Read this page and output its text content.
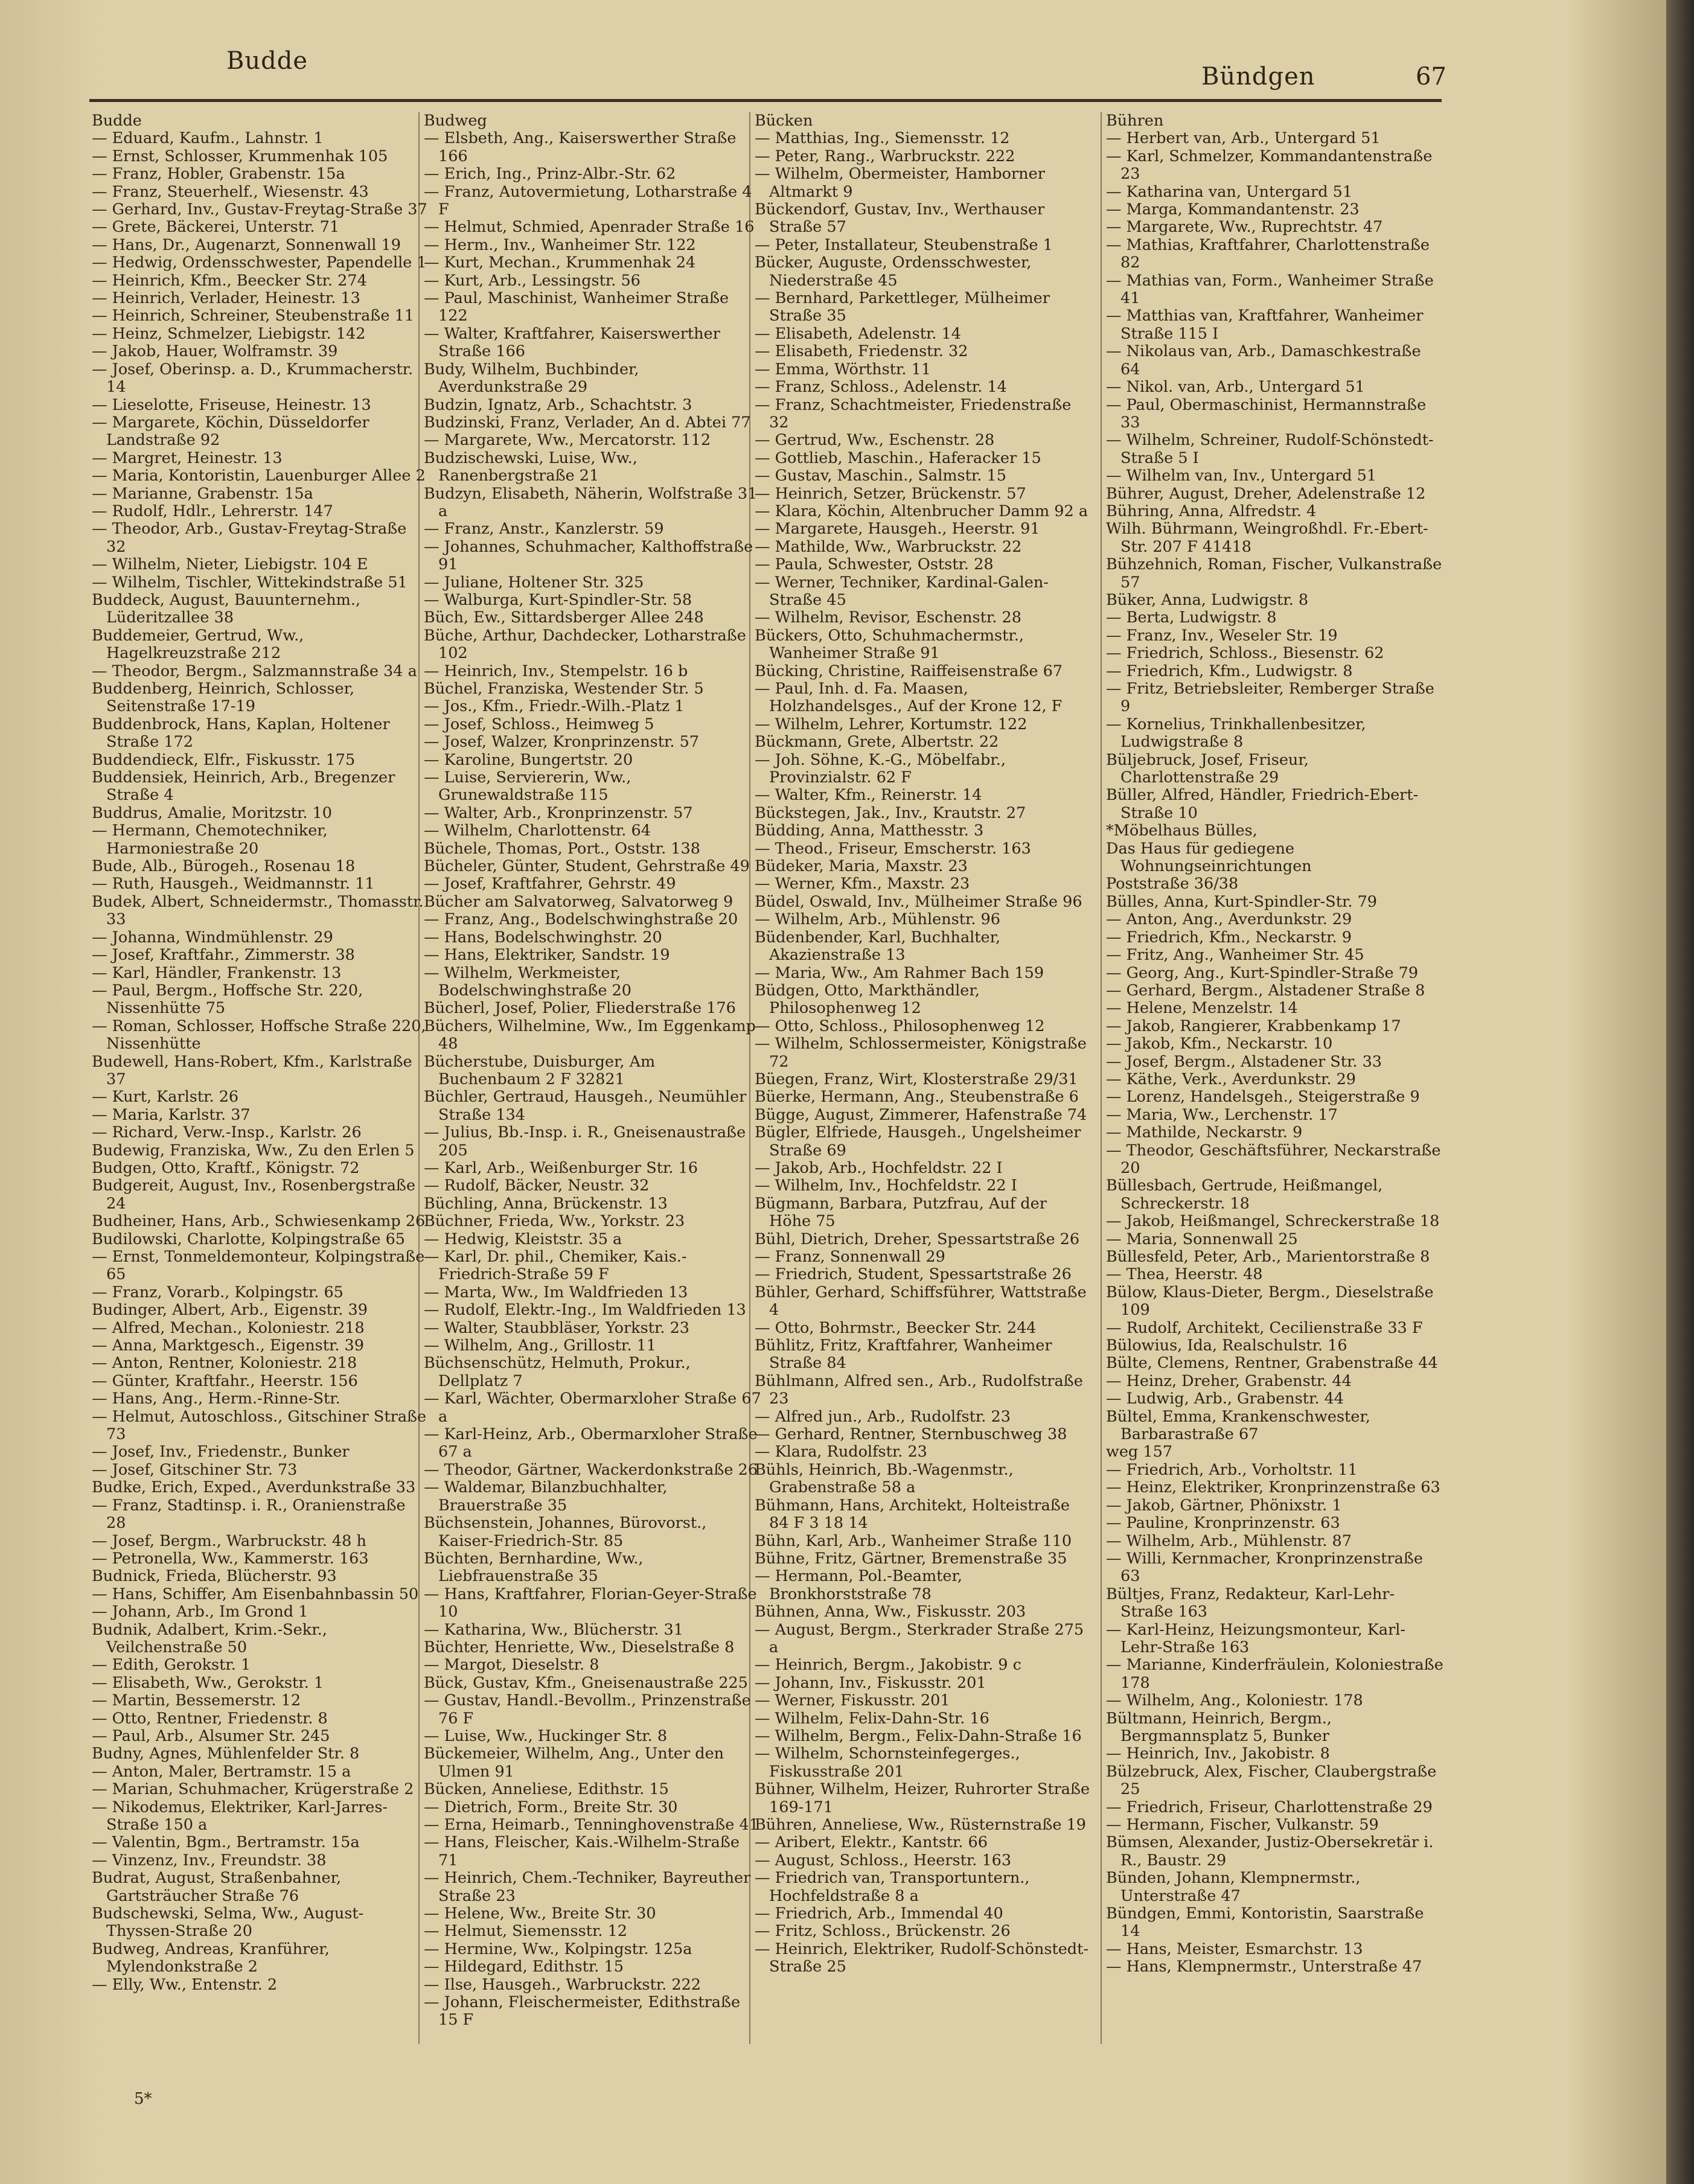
Budde
Bündgen	67
Budde
— Eduard, Kaufm., Lahnstr. 1
— Ernst, Schlosser, Krummenhak 105
— Franz, Hobler, Grabenstr. 15a
— Franz, Steuerhelf., Wiesenstr. 43
— Gerhard, Inv., Gustav-Freytag-Straße 37
— Grete, Bäckerei, Unterstr. 71
— Hans, Dr., Augenarzt, Sonnenwall 19
— Hedwig, Ordensschwester, Papendelle 1
— Heinrich, Kfm., Beecker Str. 274
— Heinrich, Verlader, Heinestr. 13
— Heinrich, Schreiner, Steubenstraße 11
— Heinz, Schmelzer, Liebigstr. 142
— Jakob, Hauer, Wolframstr. 39
— Josef, Oberinsp. a. D., Krummacherstr. 14
— Lieselotte, Friseuse, Heinestr. 13
— Margarete, Köchin, Düsseldorfer Landstraße 92
— Margret, Heinestr. 13
— Maria, Kontoristin, Lauenburger Allee 2
— Marianne, Grabenstr. 15a
— Rudolf, Hdlr., Lehrerstr. 147
— Theodor, Arb., Gustav-Freytag-Straße 32
— Wilhelm, Nieter, Liebigstr. 104 E
— Wilhelm, Tischler, Wittekindstraße 51
Buddeck, August, Bauunternehm., Lüderitzallee 38
Buddemeier, Gertrud, Ww., Hagelkreuzstraße 212
— Theodor, Bergm., Salzmannstraße 34 a
Buddenberg, Heinrich, Schlosser, Seitenstraße 17-19
Buddenbrock, Hans, Kaplan, Holtener Straße 172
Buddendieck, Elfr., Fiskusstr. 175
Buddensiek, Heinrich, Arb., Bregenzer Straße 4
Buddrus, Amalie, Moritzstr. 10
— Hermann, Chemotechniker, Harmoniestraße 20
Bude, Alb., Bürogeh., Rosenau 18
— Ruth, Hausgeh., Weidmannstr. 11
Budek, Albert, Schneidermstr., Thomasstr. 33
— Johanna, Windmühlenstr. 29
— Josef, Kraftfahr., Zimmerstr. 38
— Karl, Händler, Frankenstr. 13
— Paul, Bergm., Hoffsche Str. 220, Nissenhütte 75
— Roman, Schlosser, Hoffsche Straße 220, Nissenhütte
Budewell, Hans-Robert, Kfm., Karlstraße 37
— Kurt, Karlstr. 26
— Maria, Karlstr. 37
— Richard, Verw.-Insp., Karlstr. 26
Budewig, Franziska, Ww., Zu den Erlen 5
Budgen, Otto, Kraftf., Königstr. 72
Budgereit, August, Inv., Rosenbergstraße 24
Budheiner, Hans, Arb., Schwiesenkamp 26
Budilowski, Charlotte, Kolpingstraße 65
— Ernst, Tonmeldemonteur, Kolpingstraße 65
— Franz, Vorarb., Kolpingstr. 65
Budinger, Albert, Arb., Eigenstr. 39
— Alfred, Mechan., Koloniestr. 218
— Anna, Marktgesch., Eigenstr. 39
— Anton, Rentner, Koloniestr. 218
— Günter, Kraftfahr., Heerstr. 156
— Hans, Ang., Herm.-Rinne-Str.
— Helmut, Autoschloss., Gitschiner Straße 73
— Josef, Inv., Friedenstr., Bunker
— Josef, Gitschiner Str. 73
Budke, Erich, Exped., Averdunkstraße 33
— Franz, Stadtinsp. i. R., Oranienstraße 28
— Josef, Bergm., Warbruckstr. 48 h
— Petronella, Ww., Kammerstr. 163
Budnick, Frieda, Blücherstr. 93
— Hans, Schiffer, Am Eisenbahnbassin 50
— Johann, Arb., Im Grond 1
Budnik, Adalbert, Krim.-Sekr., Veilchenstraße 50
— Edith, Gerokstr. 1
— Elisabeth, Ww., Gerokstr. 1
— Martin, Bessemerstr. 12
— Otto, Rentner, Friedenstr. 8
— Paul, Arb., Alsumer Str. 245
Budny, Agnes, Mühlenfelder Str. 8
— Anton, Maler, Bertramstr. 15 a
— Marian, Schuhmacher, Krügerstraße 2
— Nikodemus, Elektriker, Karl-Jarres-Straße 150 a
— Valentin, Bgm., Bertramstr. 15a
— Vinzenz, Inv., Freundstr. 38
Budrat, August, Straßenbahner, Gartsträucher Straße 76
Budschewski, Selma, Ww., August-Thyssen-Straße 20
Budweg, Andreas, Kranführer, Mylendonkstraße 2
— Elly, Ww., Entenstr. 2
Budweg
— Elsbeth, Ang., Kaiserswerther Straße 166
— Erich, Ing., Prinz-Albr.-Str. 62
— Franz, Autovermietung, Lotharstraße 4 F
— Helmut, Schmied, Apenrader Straße 16
— Herm., Inv., Wanheimer Str. 122
— Kurt, Mechan., Krummenhak 24
— Kurt, Arb., Lessingstr. 56
— Paul, Maschinist, Wanheimer Straße 122
— Walter, Kraftfahrer, Kaiserswerther Straße 166
Budy, Wilhelm, Buchbinder, Averdunkstraße 29
Budzin, Ignatz, Arb., Schachtstr. 3
Budzinski, Franz, Verlader, An d. Abtei 77
— Margarete, Ww., Mercatorstr. 112
Budzischewski, Luise, Ww., Ranenbergstraße 21
Budzyn, Elisabeth, Näherin, Wolfstraße 31 a
— Franz, Anstr., Kanzlerstr. 59
— Johannes, Schuhmacher, Kalthoffstraße 91
— Juliane, Holtener Str. 325
— Walburga, Kurt-Spindler-Str. 58
Büch, Ew., Sittardsberger Allee 248
Büche, Arthur, Dachdecker, Lotharstraße 102
— Heinrich, Inv., Stempelstr. 16 b
Büchel, Franziska, Westender Str. 5
— Jos., Kfm., Friedr.-Wilh.-Platz 1
— Josef, Schloss., Heimweg 5
— Josef, Walzer, Kronprinzenstr. 57
— Karoline, Bungertstr. 20
— Luise, Serviererin, Ww., Grunewaldstraße 115
— Walter, Arb., Kronprinzenstr. 57
— Wilhelm, Charlottenstr. 64
Büchele, Thomas, Port., Oststr. 138
Bücheler, Günter, Student, Gehrstraße 49
— Josef, Kraftfahrer, Gehrstr. 49
Bücher am Salvatorweg, Salvatorweg 9
— Franz, Ang., Bodelschwinghstraße 20
— Hans, Bodelschwinghstr. 20
— Hans, Elektriker, Sandstr. 19
— Wilhelm, Werkmeister, Bodelschwinghstraße 20
Bücherl, Josef, Polier, Fliederstraße 176
Büchers, Wilhelmine, Ww., Im Eggenkamp 48
Bücherstube, Duisburger, Am Buchenbaum 2 F 32821
Büchler, Gertraud, Hausgeh., Neumühler Straße 134
— Julius, Bb.-Insp. i. R., Gneisenaustraße 205
— Karl, Arb., Weißenburger Str. 16
— Rudolf, Bäcker, Neustr. 32
Büchling, Anna, Brückenstr. 13
Büchner, Frieda, Ww., Yorkstr. 23
— Hedwig, Kleiststr. 35 a
— Karl, Dr. phil., Chemiker, Kais.-Friedrich-Straße 59 F
— Marta, Ww., Im Waldfrieden 13
— Rudolf, Elektr.-Ing., Im Waldfrieden 13
— Walter, Staubbläser, Yorkstr. 23
— Wilhelm, Ang., Grillostr. 11
Büchsenschütz, Helmuth, Prokur., Dellplatz 7
— Karl, Wächter, Obermarxloher Straße 67 a
— Karl-Heinz, Arb., Obermarxloher Straße 67 a
— Theodor, Gärtner, Wackerdonkstraße 26
— Waldemar, Bilanzbuchhalter, Brauerstraße 35
Büchsenstein, Johannes, Bürovorst., Kaiser-Friedrich-Str. 85
Büchten, Bernhardine, Ww., Liebfrauenstraße 35
— Hans, Kraftfahrer, Florian-Geyer-Straße 10
— Katharina, Ww., Blücherstr. 31
Büchter, Henriette, Ww., Dieselstraße 8
— Margot, Dieselstr. 8
Bück, Gustav, Kfm., Gneisenaustraße 225
— Gustav, Handl.-Bevollm., Prinzenstraße 76 F
— Luise, Ww., Huckinger Str. 8
Bückemeier, Wilhelm, Ang., Unter den Ulmen 91
Bücken, Anneliese, Edithstr. 15
— Dietrich, Form., Breite Str. 30
— Erna, Heimarb., Tenninghovenstraße 41
— Hans, Fleischer, Kais.-Wilhelm-Straße 71
— Heinrich, Chem.-Techniker, Bayreuther Straße 23
— Helene, Ww., Breite Str. 30
— Helmut, Siemensstr. 12
— Hermine, Ww., Kolpingstr. 125a
— Hildegard, Edithstr. 15
— Ilse, Hausgeh., Warbruckstr. 222
— Johann, Fleischermeister, Edithstraße 15 F
Bücken
— Matthias, Ing., Siemensstr. 12
— Peter, Rang., Warbruckstr. 222
— Wilhelm, Obermeister, Hamborner Altmarkt 9
Bückendorf, Gustav, Inv., Werthauser Straße 57
— Peter, Installateur, Steubenstraße 1
Bücker, Auguste, Ordensschwester, Niederstraße 45
— Bernhard, Parkettleger, Mülheimer Straße 35
— Elisabeth, Adelenstr. 14
— Elisabeth, Friedenstr. 32
— Emma, Wörthstr. 11
— Franz, Schloss., Adelenstr. 14
— Franz, Schachtmeister, Friedenstraße 32
— Gertrud, Ww., Eschenstr. 28
— Gottlieb, Maschin., Haferacker 15
— Gustav, Maschin., Salmstr. 15
— Heinrich, Setzer, Brückenstr. 57
— Klara, Köchin, Altenbrucher Damm 92 a
— Margarete, Hausgeh., Heerstr. 91
— Mathilde, Ww., Warbruckstr. 22
— Paula, Schwester, Oststr. 28
— Werner, Techniker, Kardinal-Galen-Straße 45
— Wilhelm, Revisor, Eschenstr. 28
Bückers, Otto, Schuhmachermstr., Wanheimer Straße 91
Bücking, Christine, Raiffeisenstraße 67
— Paul, Inh. d. Fa. Maasen, Holzhandelsges., Auf der Krone 12, F
— Wilhelm, Lehrer, Kortumstr. 122
Bückmann, Grete, Albertstr. 22
— Joh. Söhne, K.-G., Möbelfabr., Provinzialstr. 62 F
— Walter, Kfm., Reinerstr. 14
Bückstegen, Jak., Inv., Krautstr. 27
Büdding, Anna, Matthesstr. 3
— Theod., Friseur, Emscherstr. 163
Büdeker, Maria, Maxstr. 23
— Werner, Kfm., Maxstr. 23
Büdel, Oswald, Inv., Mülheimer Straße 96
— Wilhelm, Arb., Mühlenstr. 96
Büdenbender, Karl, Buchhalter, Akazienstraße 13
— Maria, Ww., Am Rahmer Bach 159
Büdgen, Otto, Markthändler, Philosophenweg 12
— Otto, Schloss., Philosophenweg 12
— Wilhelm, Schlossermeister, Königstraße 72
Büegen, Franz, Wirt, Klosterstraße 29/31
Büerke, Hermann, Ang., Steubenstraße 6
Bügge, August, Zimmerer, Hafenstraße 74
Bügler, Elfriede, Hausgeh., Ungelsheimer Straße 69
— Jakob, Arb., Hochfeldstr. 22 I
— Wilhelm, Inv., Hochfeldstr. 22 I
Bügmann, Barbara, Putzfrau, Auf der Höhe 75
Bühl, Dietrich, Dreher, Spessartstraße 26
— Franz, Sonnenwall 29
— Friedrich, Student, Spessartstraße 26
Bühler, Gerhard, Schiffsführer, Wattstraße 4
— Otto, Bohrmstr., Beecker Str. 244
Bühlitz, Fritz, Kraftfahrer, Wanheimer Straße 84
Bühlmann, Alfred sen., Arb., Rudolfstraße 23
— Alfred jun., Arb., Rudolfstr. 23
— Gerhard, Rentner, Sternbuschweg 38
— Klara, Rudolfstr. 23
Bühls, Heinrich, Bb.-Wagenmstr., Grabenstraße 58 a
Bühmann, Hans, Architekt, Holteistraße 84 F 3 18 14
Bühn, Karl, Arb., Wanheimer Straße 110
Bühne, Fritz, Gärtner, Bremenstraße 35
— Hermann, Pol.-Beamter, Bronkhorststraße 78
Bühnen, Anna, Ww., Fiskusstr. 203
— August, Bergm., Sterkrader Straße 275 a
— Heinrich, Bergm., Jakobistr. 9 c
— Johann, Inv., Fiskusstr. 201
— Werner, Fiskusstr. 201
— Wilhelm, Felix-Dahn-Str. 16
— Wilhelm, Bergm., Felix-Dahn-Straße 16
— Wilhelm, Schornsteinfegerges., Fiskusstraße 201
Bühner, Wilhelm, Heizer, Ruhrorter Straße 169-171
Bühren, Anneliese, Ww., Rüsternstraße 19
— Aribert, Elektr., Kantstr. 66
— August, Schloss., Heerstr. 163
— Friedrich van, Transportuntern., Hochfeldstraße 8 a
— Friedrich, Arb., Immendal 40
— Fritz, Schloss., Brückenstr. 26
— Heinrich, Elektriker, Rudolf-Schönstedt-Straße 25
Bühren
— Herbert van, Arb., Untergard 51
— Karl, Schmelzer, Kommandantenstraße 23
— Katharina van, Untergard 51
— Marga, Kommandantenstr. 23
— Margarete, Ww., Ruprechtstr. 47
— Mathias, Kraftfahrer, Charlottenstraße 82
— Mathias van, Form., Wanheimer Straße 41
— Matthias van, Kraftfahrer, Wanheimer Straße 115 I
— Nikolaus van, Arb., Damaschkestraße 64
— Nikol. van, Arb., Untergard 51
— Paul, Obermaschinist, Hermannstraße 33
— Wilhelm, Schreiner, Rudolf-Schönstedt-Straße 5 I
— Wilhelm van, Inv., Untergard 51
Bührer, August, Dreher, Adelenstraße 12
Bühring, Anna, Alfredstr. 4
Wilh. Bührmann, Weingroßhdl. Fr.-Ebert-Str. 207 F 41418
Bühzehnich, Roman, Fischer, Vulkanstraße 57
Büker, Anna, Ludwigstr. 8
— Berta, Ludwigstr. 8
— Franz, Inv., Weseler Str. 19
— Friedrich, Schloss., Biesenstr. 62
— Friedrich, Kfm., Ludwigstr. 8
— Fritz, Betriebsleiter, Remberger Straße 9
— Kornelius, Trinkhallenbesitzer, Ludwigstraße 8
Büljebruck, Josef, Friseur, Charlottenstraße 29
Büller, Alfred, Händler, Friedrich-Ebert-Straße 10
*Möbelhaus Bülles,
Das Haus für gediegene Wohnungseinrichtungen
Poststraße 36/38
Bülles, Anna, Kurt-Spindler-Str. 79
— Anton, Ang., Averdunkstr. 29
— Friedrich, Kfm., Neckarstr. 9
— Fritz, Ang., Wanheimer Str. 45
— Georg, Ang., Kurt-Spindler-Straße 79
— Gerhard, Bergm., Alstadener Straße 8
— Helene, Menzelstr. 14
— Jakob, Rangierer, Krabbenkamp 17
— Jakob, Kfm., Neckarstr. 10
— Josef, Bergm., Alstadener Str. 33
— Käthe, Verk., Averdunkstr. 29
— Lorenz, Handelsgeh., Steigerstraße 9
— Maria, Ww., Lerchenstr. 17
— Mathilde, Neckarstr. 9
— Theodor, Geschäftsführer, Neckarstraße 20
Büllesbach, Gertrude, Heißmangel, Schreckerstr. 18
— Jakob, Heißmangel, Schreckerstraße 18
— Maria, Sonnenwall 25
Büllesfeld, Peter, Arb., Marientorstraße 8
— Thea, Heerstr. 48
Bülow, Klaus-Dieter, Bergm., Dieselstraße 109
— Rudolf, Architekt, Cecilienstraße 33 F
Bülowius, Ida, Realschulstr. 16
Bülte, Clemens, Rentner, Grabenstraße 44
— Heinz, Dreher, Grabenstr. 44
— Ludwig, Arb., Grabenstr. 44
Bültel, Emma, Krankenschwester, Barbarastraße 67
weg 157
— Friedrich, Arb., Vorholtstr. 11
— Heinz, Elektriker, Kronprinzenstraße 63
— Jakob, Gärtner, Phönixstr. 1
— Pauline, Kronprinzenstr. 63
— Wilhelm, Arb., Mühlenstr. 87
— Willi, Kernmacher, Kronprinzenstraße 63
Bültjes, Franz, Redakteur, Karl-Lehr-Straße 163
— Karl-Heinz, Heizungsmonteur, Karl-Lehr-Straße 163
— Marianne, Kinderfräulein, Koloniestraße 178
— Wilhelm, Ang., Koloniestr. 178
Bültmann, Heinrich, Bergm., Bergmannsplatz 5, Bunker
— Heinrich, Inv., Jakobistr. 8
Bülzebruck, Alex, Fischer, Claubergstraße 25
— Friedrich, Friseur, Charlottenstraße 29
— Hermann, Fischer, Vulkanstr. 59
Bümsen, Alexander, Justiz-Obersekretär i. R., Baustr. 29
Bünden, Johann, Klempnermstr., Unterstraße 47
Bündgen, Emmi, Kontoristin, Saarstraße 14
— Hans, Meister, Esmarchstr. 13
— Hans, Klempnermstr., Unterstraße 47
5*
